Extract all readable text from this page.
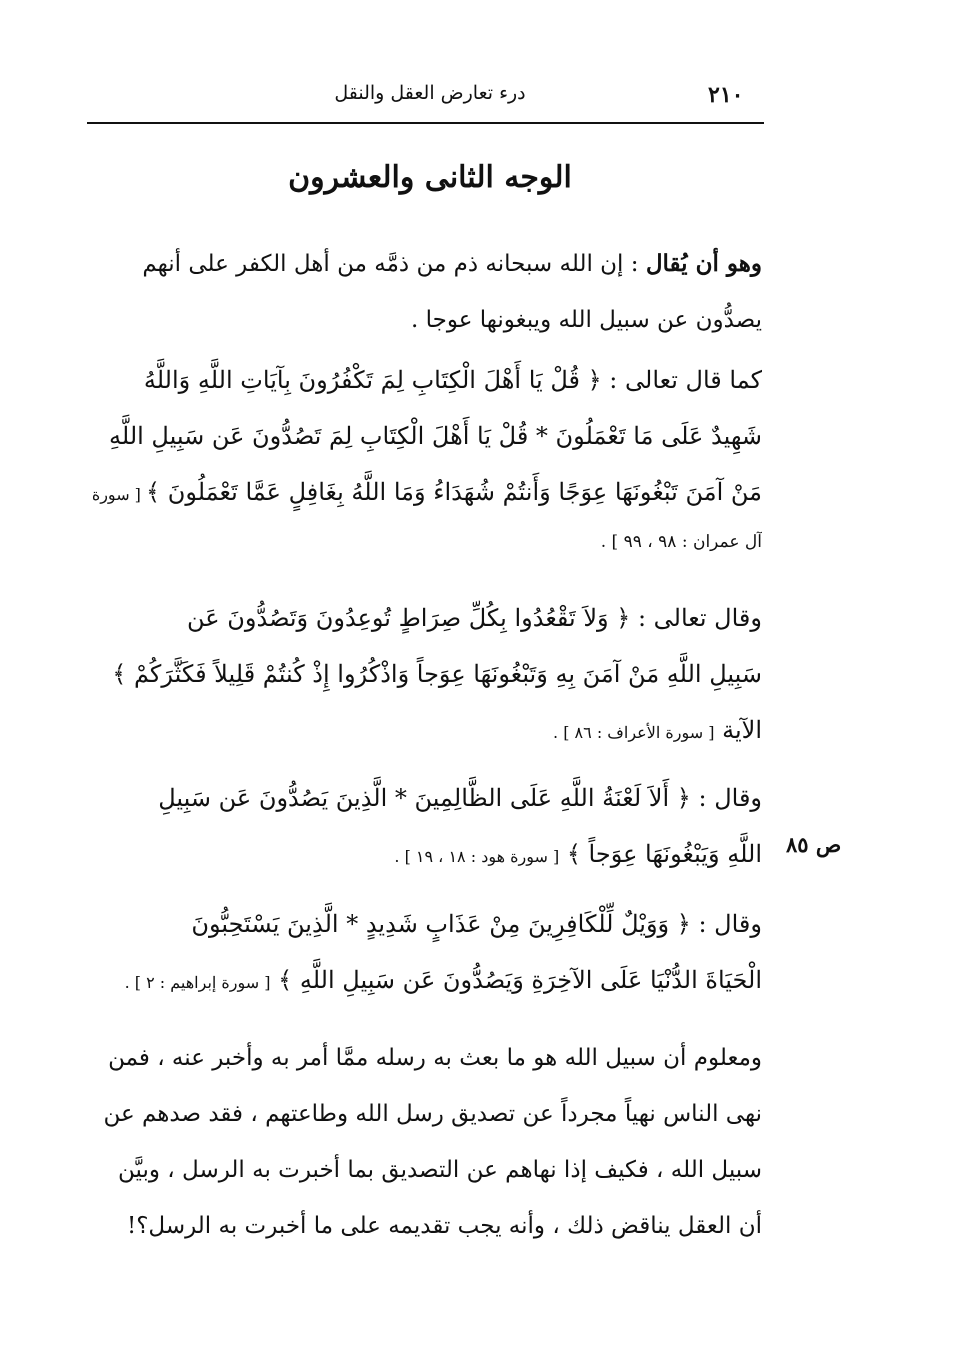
٢١٠
درء تعارض العقل والنقل
الوجه الثانى والعشرون
وهو أن يُقال : إن الله سبحانه ذم من ذمَّه من أهل الكفر على أنهم
يصدُّون عن سبيل الله ويبغونها عوجا .
كما قال تعالى : ﴿ قُلْ يَا أَهْلَ الْكِتَابِ لِمَ تَكْفُرُونَ بِآيَاتِ اللَّهِ وَاللَّهُ
شَهِيدٌ عَلَى مَا تَعْمَلُونَ * قُلْ يَا أَهْلَ الْكِتَابِ لِمَ تَصُدُّونَ عَن سَبِيلِ اللَّهِ
مَنْ آمَنَ تَبْغُونَهَا عِوَجًا وَأَنتُمْ شُهَدَاءُ وَمَا اللَّهُ بِغَافِلٍ عَمَّا تَعْمَلُونَ ﴾ [ سورة
آل عمران : ٩٨ ، ٩٩ ] .
وقال تعالى : ﴿ وَلاَ تَقْعُدُوا بِكُلِّ صِرَاطٍ تُوعِدُونَ وَتَصُدُّونَ عَن
سَبِيلِ اللَّهِ مَنْ آمَنَ بِهِ وَتَبْغُونَهَا عِوَجاً وَاذْكُرُوا إِذْ كُنتُمْ قَلِيلاً فَكَثَّرَكُمْ ﴾
الآية [ سورة الأعراف : ٨٦ ] .
وقال : ﴿ أَلاَ لَعْنَةُ اللَّهِ عَلَى الظَّالِمِينَ * الَّذِينَ يَصُدُّونَ عَن سَبِيلِ
اللَّهِ وَيَبْغُونَهَا عِوَجاً ﴾ [ سورة هود : ١٨ ، ١٩ ] .	ص ٨٥
وقال : ﴿ وَوَيْلٌ لِّلْكَافِرِينَ مِنْ عَذَابٍ شَدِيدٍ * الَّذِينَ يَسْتَحِبُّونَ
الْحَيَاةَ الدُّنْيَا عَلَى الآخِرَةِ وَيَصُدُّونَ عَن سَبِيلِ اللَّهِ ﴾ [ سورة إبراهيم : ٢ ] .
ومعلوم أن سبيل الله هو ما بعث به رسله ممَّا أمر به وأخبر عنه ، فمن
نهى الناس نهياً مجرداً عن تصديق رسل الله وطاعتهم ، فقد صدهم عن
سبيل الله ، فكيف إذا نهاهم عن التصديق بما أخبرت به الرسل ، وبيَّن
أن العقل يناقض ذلك ، وأنه يجب تقديمه على ما أخبرت به الرسل؟!
